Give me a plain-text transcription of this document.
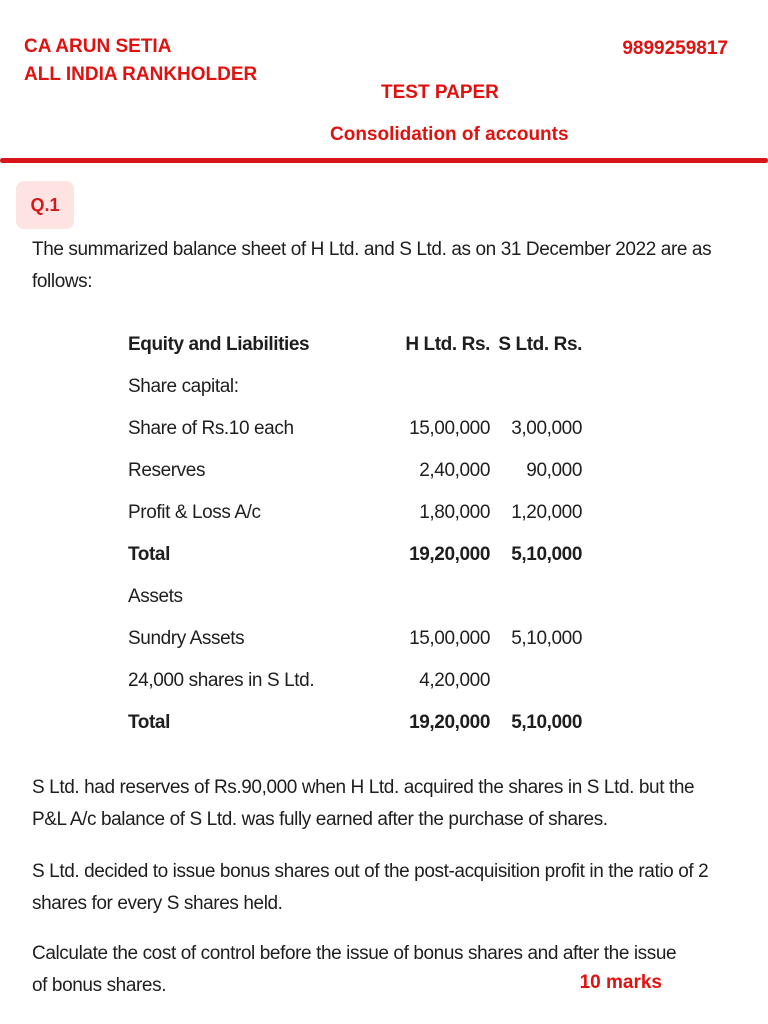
CA ARUN SETIA
ALL INDIA RANKHOLDER
9899259817
TEST PAPER
Consolidation of accounts
Q.1
The summarized balance sheet of H Ltd. and S Ltd. as on 31 December 2022 are as follows:
Equity and Liabilities	H Ltd. Rs. S Ltd. Rs.
Share capital:
Share of Rs.10 each	15,00,000 3,00,000
Reserves	2,40,000 90,000
Profit & Loss A/c	1,80,000 1,20,000
Total	19,20,000 5,10,000
Assets
Sundry Assets	15,00,000 5,10,000
24,000 shares in S Ltd.	4,20,000
Total	19,20,000 5,10,000
S Ltd. had reserves of Rs.90,000 when H Ltd. acquired the shares in S Ltd. but the P&L A/c balance of S Ltd. was fully earned after the purchase of shares.
S Ltd. decided to issue bonus shares out of the post-acquisition profit in the ratio of 2 shares for every S shares held.
Calculate the cost of control before the issue of bonus shares and after the issue of bonus shares.	10 marks
